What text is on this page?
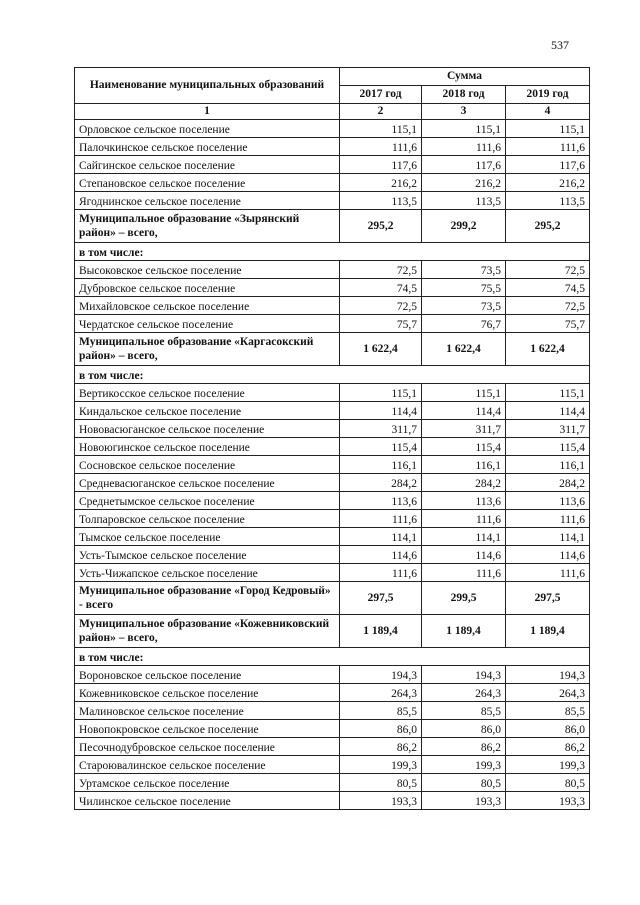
537
Наименование муниципальных образований	Сумма		
	2017 год	2018 год	2019 год
1	2	3	4
Орловское сельское поселение	115,1	115,1	115,1
Палочкинское сельское поселение	111,6	111,6	111,6
Сайгинское сельское поселение	117,6	117,6	117,6
Степановское сельское поселение	216,2	216,2	216,2
Ягоднинское сельское поселение	113,5	113,5	113,5
Муниципальное образование «Зырянский район» – всего,	295,2	299,2	295,2
в том числе:			
Высоковское сельское поселение	72,5	73,5	72,5
Дубровское сельское поселение	74,5	75,5	74,5
Михайловское сельское поселение	72,5	73,5	72,5
Чердатское сельское поселение	75,7	76,7	75,7
Муниципальное образование «Каргасокский район» – всего,	1 622,4	1 622,4	1 622,4
в том числе:			
Вертикосское сельское поселение	115,1	115,1	115,1
Киндальское сельское поселение	114,4	114,4	114,4
Нововасюганское сельское поселение	311,7	311,7	311,7
Новоюгинское сельское поселение	115,4	115,4	115,4
Сосновское сельское поселение	116,1	116,1	116,1
Средневасюганское сельское поселение	284,2	284,2	284,2
Среднетымское сельское поселение	113,6	113,6	113,6
Толпаровское сельское поселение	111,6	111,6	111,6
Тымское сельское поселение	114,1	114,1	114,1
Усть-Тымское сельское поселение	114,6	114,6	114,6
Усть-Чижапское сельское поселение	111,6	111,6	111,6
Муниципальное образование «Город Кедровый» - всего	297,5	299,5	297,5
Муниципальное образование «Кожевниковский район» – всего,	1 189,4	1 189,4	1 189,4
в том числе:			
Вороновское сельское поселение	194,3	194,3	194,3
Кожевниковское сельское поселение	264,3	264,3	264,3
Малиновское сельское поселение	85,5	85,5	85,5
Новопокровское сельское поселение	86,0	86,0	86,0
Песочнодубровское сельское поселение	86,2	86,2	86,2
Староювалинское сельское поселение	199,3	199,3	199,3
Уртамское сельское поселение	80,5	80,5	80,5
Чилинское сельское поселение	193,3	193,3	193,3
